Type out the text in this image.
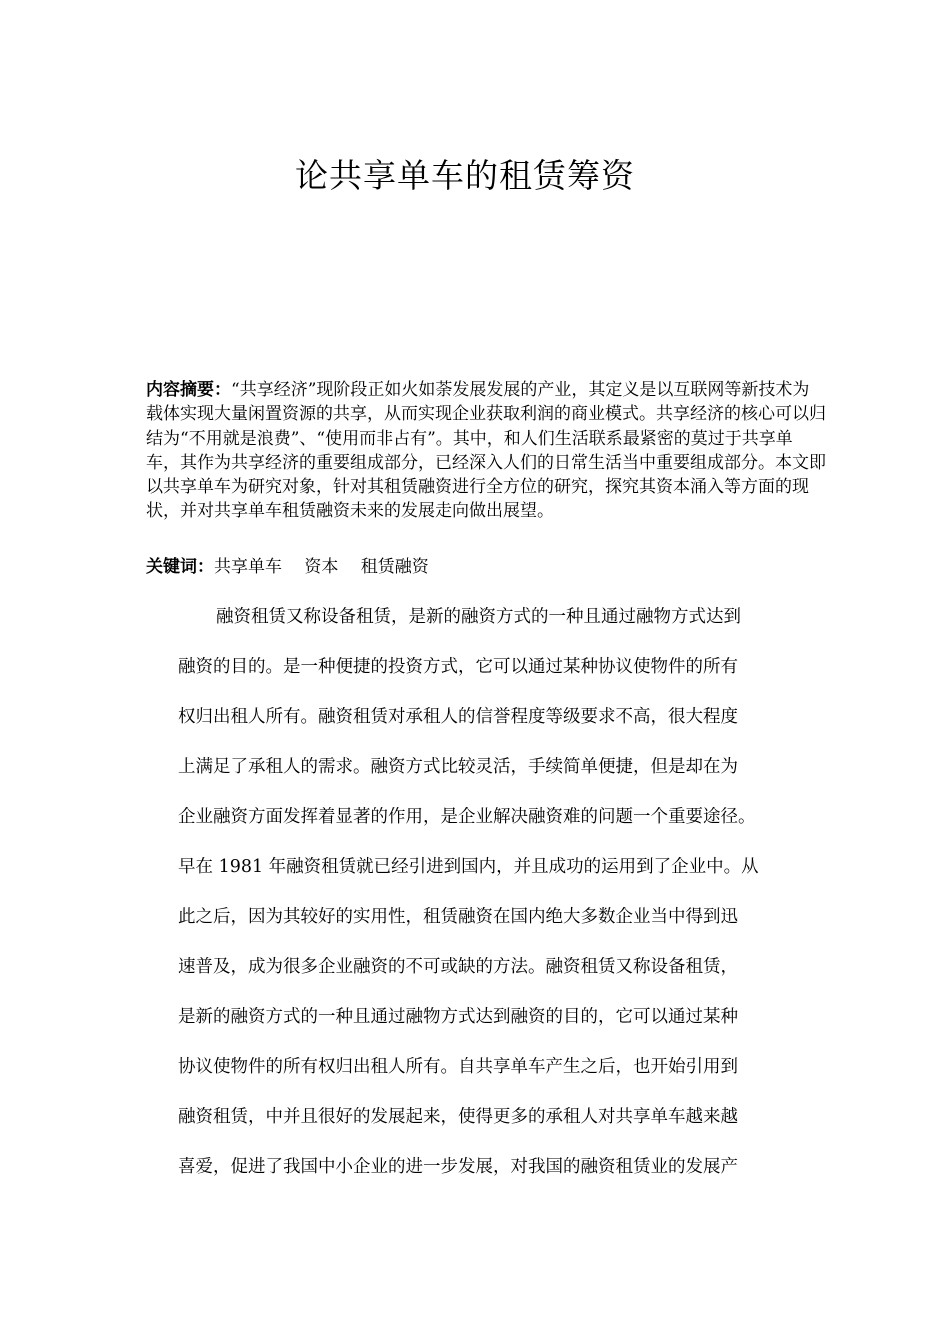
论共享单车的租赁筹资

内容摘要：“共享经济”现阶段正如火如荼发展发展的产业，其定义是以互联网等新技术为载体实现大量闲置资源的共享，从而实现企业获取利润的商业模式。共享经济的核心可以归结为“不用就是浪费”、“使用而非占有”。其中，和人们生活联系最紧密的莫过于共享单车，其作为共享经济的重要组成部分，已经深入人们的日常生活当中重要组成部分。本文即以共享单车为研究对象，针对其租赁融资进行全方位的研究，探究其资本涌入等方面的现状，并对共享单车租赁融资未来的发展走向做出展望。

关键词：共享单车　 资本　 租赁融资

融资租赁又称设备租赁，是新的融资方式的一种且通过融物方式达到
融资的目的。是一种便捷的投资方式，它可以通过某种协议使物件的所有
权归出租人所有。融资租赁对承租人的信誉程度等级要求不高，很大程度
上满足了承租人的需求。融资方式比较灵活，手续简单便捷，但是却在为
企业融资方面发挥着显著的作用，是企业解决融资难的问题一个重要途径。
早在 1981 年融资租赁就已经引进到国内，并且成功的运用到了企业中。从
此之后，因为其较好的实用性，租赁融资在国内绝大多数企业当中得到迅
速普及，成为很多企业融资的不可或缺的方法。融资租赁又称设备租赁，
是新的融资方式的一种且通过融物方式达到融资的目的，它可以通过某种
协议使物件的所有权归出租人所有。自共享单车产生之后，也开始引用到
融资租赁，中并且很好的发展起来，使得更多的承租人对共享单车越来越
喜爱，促进了我国中小企业的进一步发展，对我国的融资租赁业的发展产
